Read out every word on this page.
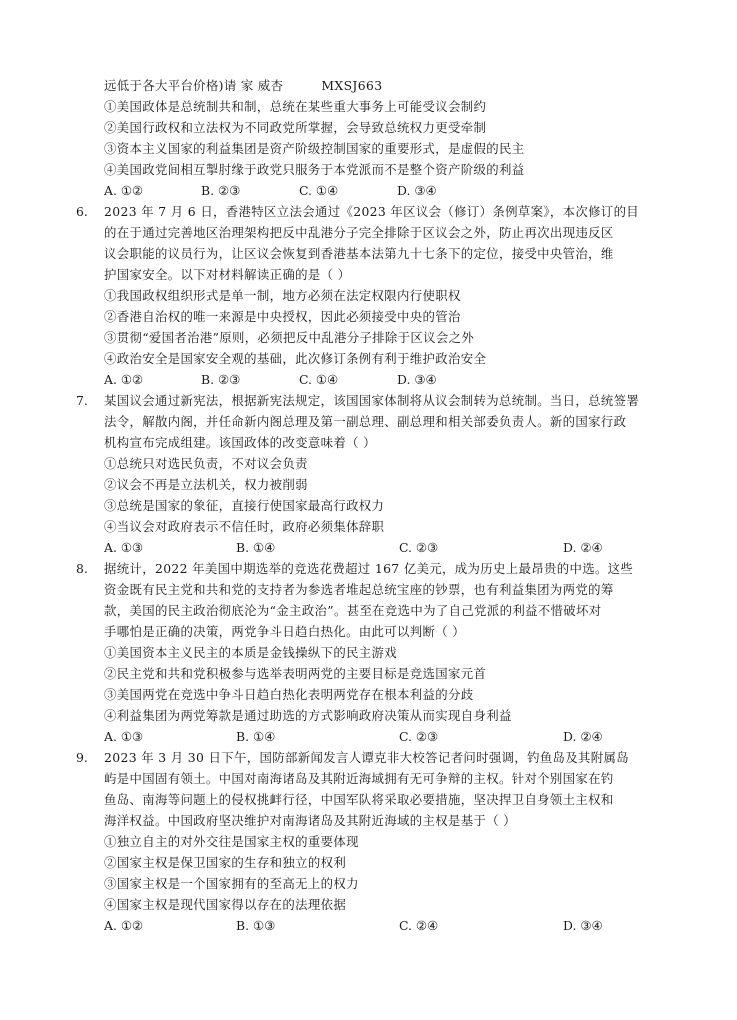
远低于各大平台价格)请 家 威杏	MXSJ663
①美国政体是总统制共和制，总统在某些重大事务上可能受议会制约
②美国行政权和立法权为不同政党所掌握，会导致总统权力更受牵制
③资本主义国家的利益集团是资产阶级控制国家的重要形式，是虚假的民主
④美国政党间相互掣肘缘于政党只服务于本党派而不是整个资产阶级的利益
A. ①②	B. ②③	C. ①④	D. ③④
6. 2023 年 7 月 6 日，香港特区立法会通过《2023 年区议会（修订）条例草案》，本次修订的目
的在于通过完善地区治理架构把反中乱港分子完全排除于区议会之外，防止再次出现违反区
议会职能的议员行为，让区议会恢复到香港基本法第九十七条下的定位，接受中央管治，维
护国家安全。以下对材料解读正确的是（ ）
①我国政权组织形式是单一制，地方必须在法定权限内行使职权
②香港自治权的唯一来源是中央授权，因此必须接受中央的管治
③贯彻“爱国者治港”原则，必须把反中乱港分子排除于区议会之外
④政治安全是国家安全观的基础，此次修订条例有利于维护政治安全
A. ①②	B. ②③	C. ①④	D. ③④
7. 某国议会通过新宪法，根据新宪法规定，该国国家体制将从议会制转为总统制。当日，总统签署
法令，解散内阁，并任命新内阁总理及第一副总理、副总理和相关部委负责人。新的国家行政
机构宣布完成组建。该国政体的改变意味着（ ）
①总统只对选民负责，不对议会负责
②议会不再是立法机关，权力被削弱
③总统是国家的象征，直接行使国家最高行政权力
④当议会对政府表示不信任时，政府必须集体辞职
A. ①③	B. ①④	C. ②③	D. ②④
8. 据统计，2022 年美国中期选举的竞选花费超过 167 亿美元，成为历史上最昂贵的中选。这些
资金既有民主党和共和党的支持者为参选者堆起总统宝座的钞票，也有利益集团为两党的筹
款，美国的民主政治彻底沦为“金主政治”。甚至在竞选中为了自己党派的利益不惜破坏对
手哪怕是正确的决策，两党争斗日趋白热化。由此可以判断（ ）
①美国资本主义民主的本质是金钱操纵下的民主游戏
②民主党和共和党积极参与选举表明两党的主要目标是竞选国家元首
③美国两党在竞选中争斗日趋白热化表明两党存在根本利益的分歧
④利益集团为两党筹款是通过助选的方式影响政府决策从而实现自身利益
A. ①③	B. ①④	C. ②③	D. ②④
9. 2023 年 3 月 30 日下午，国防部新闻发言人谭克非大校答记者问时强调，钓鱼岛及其附属岛
屿是中国固有领土。中国对南海诸岛及其附近海域拥有无可争辩的主权。针对个别国家在钓
鱼岛、南海等问题上的侵权挑衅行径，中国军队将采取必要措施，坚决捍卫自身领土主权和
海洋权益。中国政府坚决维护对南海诸岛及其附近海域的主权是基于（ ）
①独立自主的对外交往是国家主权的重要体现
②国家主权是保卫国家的生存和独立的权利
③国家主权是一个国家拥有的至高无上的权力
④国家主权是现代国家得以存在的法理依据
A. ①②	B. ①③	C. ②④	D. ③④
